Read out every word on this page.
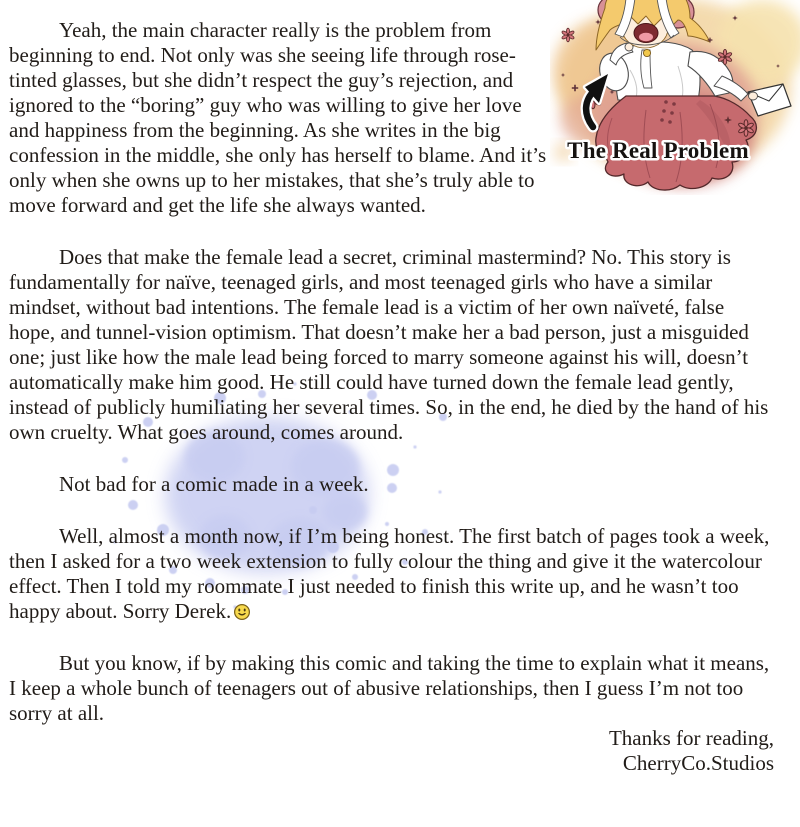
The Real Problem

Yeah, the main character really is the problem from beginning to end. Not only was she seeing life through rose-tinted glasses, but she didn’t respect the guy’s rejection, and ignored to the “boring” guy who was willing to give her love and happiness from the beginning. As she writes in the big confession in the middle, she only has herself to blame. And it’s only when she owns up to her mistakes, that she’s truly able to move forward and get the life she always wanted.

Does that make the female lead a secret, criminal mastermind? No. This story is fundamentally for naïve, teenaged girls, and most teenaged girls who have a similar mindset, without bad intentions. The female lead is a victim of her own naïveté, false hope, and tunnel-vision optimism. That doesn’t make her a bad person, just a misguided one; just like how the male lead being forced to marry someone against his will, doesn’t automatically make him good. He still could have turned down the female lead gently, instead of publicly humiliating her several times. So, in the end, he died by the hand of his own cruelty. What goes around, comes around.

Not bad for a comic made in a week.

Well, almost a month now, if I’m being honest. The first batch of pages took a week, then I asked for a two week extension to fully colour the thing and give it the watercolour effect. Then I told my roommate I just needed to finish this write up, and he wasn’t too happy about. Sorry Derek.

But you know, if by making this comic and taking the time to explain what it means, I keep a whole bunch of teenagers out of abusive relationships, then I guess I’m not too sorry at all.

Thanks for reading,
CherryCo.Studios
